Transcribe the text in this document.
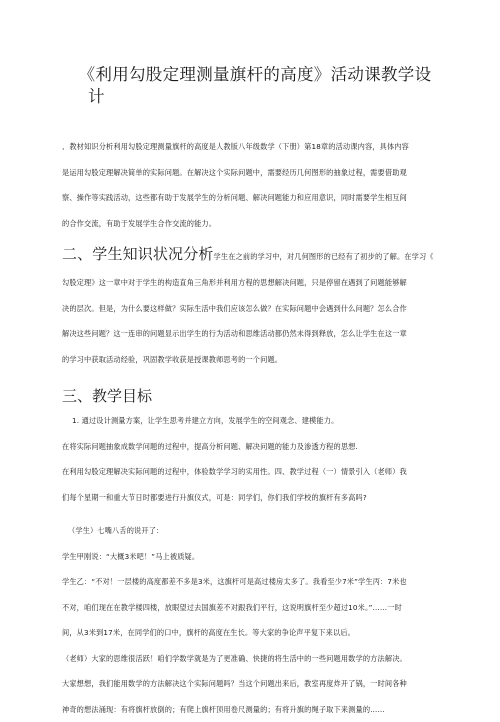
《利用勾股定理测量旗杆的高度》活动课教学设
计
、教材知识分析利用勾股定理测量旗杆的高度是人教版八年级数学（下册）第18章的活动课内容，具体内容
是运用勾股定理解决简单的实际问题。在解决这个实际问题中，需要经历几何图形的抽象过程，需要借助观
察、操作等实践活动，这些都有助于发展学生的分析问题、解决问题能力和应用意识，同时需要学生相互间
的合作交流，有助于发展学生合作交流的能力。
二、学生知识状况分析学生在之前的学习中，对几何图形的已经有了初步的了解。在学习《
勾股定理》这一章中对于学生的构造直角三角形并利用方程的思想解决问题，只是停留在遇到了问题能够解
决的层次。但是，为什么要这样做？实际生活中我们应该怎么做？在实际问题中会遇到什么问题？怎么合作
解决这些问题？这一连串的问题显示出学生的行为活动和思维活动都仍然未得到释放，怎么让学生在这一章
的学习中获取活动经验，巩固教学收获是授课教师思考的一个问题。
三、教学目标
1. 通过设计测量方案，让学生思考并建立方向，发展学生的空间观念、建模能力。
在将实际问题抽象成数学问题的过程中，提高分析问题、解决问题的能力及渗透方程的思想.
在利用勾股定理解决实际问题的过程中，体验数学学习的实用性。四、教学过程（一）情景引入（老师）我
们每个星期一和重大节日时都要进行升旗仪式，可是：同学们，你们我们学校的旗杆有多高吗?
（学生）七嘴八舌的说开了：
学生甲刚说：“大概3米吧！”马上被质疑。
学生乙：“不对！一层楼的高度都差不多是3米，这旗杆可是高过楼房太多了。我看至少7米”学生丙：7米也
不对，咱们现在在教学楼四楼，放眼望过去国旗差不对跟我们平行，这说明旗杆至少超过10米。”……一时
间，从3米到17米，在同学们的口中，旗杆的高度在生长。等大家的争论声平复下来以后。
（老师）大家的思维很活跃！咱们学数学就是为了更准确、快捷的将生活中的一些问题用数学的方法解决。
大家想想，我们能用数学的方法解决这个实际问题吗？当这个问题出来后，教室再度炸开了锅，一时间各种
神奇的想法涌现：有将旗杆放倒的；有爬上旗杆顶用卷尺测量的；有将升旗的绳子取下来测量的……
